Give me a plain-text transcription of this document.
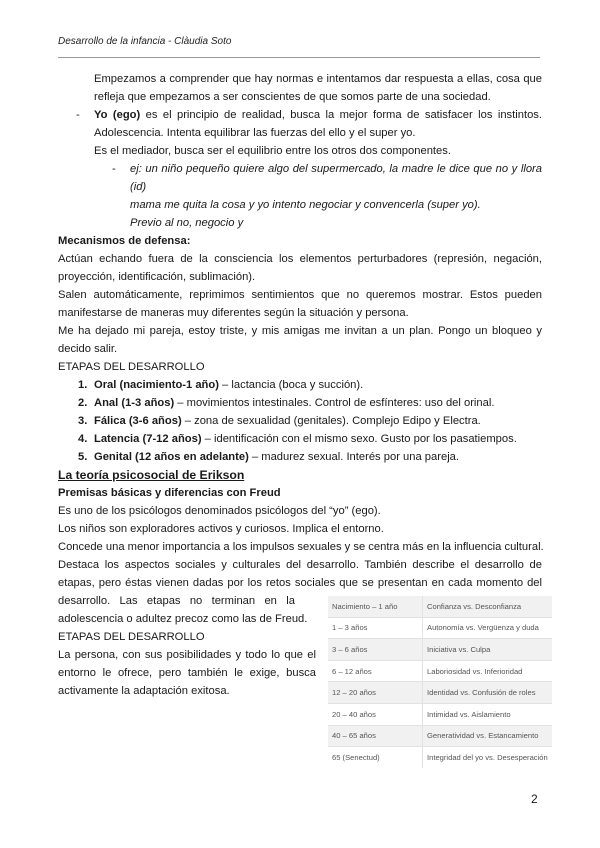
Desarrollo de la infancia - Clàudia Soto
Empezamos a comprender que hay normas e intentamos dar respuesta a ellas, cosa que
refleja que empezamos a ser conscientes de que somos parte de una sociedad.
- Yo (ego) es el principio de realidad, busca la mejor forma de satisfacer los instintos.
Adolescencia. Intenta equilibrar las fuerzas del ello y el super yo.
Es el mediador, busca ser el equilibrio entre los otros dos componentes.
- ej: un niño pequeño quiere algo del supermercado, la madre le dice que no y llora
(id)
mama me quita la cosa y yo intento negociar y convencerla (super yo).
Previo al no, negocio y
Mecanismos de defensa:
Actúan echando fuera de la consciencia los elementos perturbadores (represión, negación,
proyección, identificación, sublimación).
Salen automáticamente, reprimimos sentimientos que no queremos mostrar. Estos pueden
manifestarse de maneras muy diferentes según la situación y persona.
Me ha dejado mi pareja, estoy triste, y mis amigas me invitan a un plan. Pongo un bloqueo y
decido salir.
ETAPAS DEL DESARROLLO
1. Oral (nacimiento-1 año) – lactancia (boca y succión).
2. Anal (1-3 años) – movimientos intestinales. Control de esfínteres: uso del orinal.
3. Fálica (3-6 años) – zona de sexualidad (genitales). Complejo Edipo y Electra.
4. Latencia (7-12 años) – identificación con el mismo sexo. Gusto por los pasatiempos.
5. Genital (12 años en adelante) – madurez sexual. Interés por una pareja.
La teoría psicosocial de Erikson
Premisas básicas y diferencias con Freud
Es uno de los psicólogos denominados psicólogos del “yo” (ego).
Los niños son exploradores activos y curiosos. Implica el entorno.
Concede una menor importancia a los impulsos sexuales y se centra más en la influencia cultural.
Destaca los aspectos sociales y culturales del desarrollo. También describe el desarrollo de
etapas, pero éstas vienen dadas por los retos sociales que se presentan en cada momento del
desarrollo.   Las   etapas   no   terminan   en   la
adolescencia o adultez precoz como las de Freud.
ETAPAS DEL DESARROLLO
La persona, con sus posibilidades y todo lo que el
entorno le ofrece, pero también le exige, busca
activamente la adaptación exitosa.
Nacimiento – 1 año	Confianza vs. Desconfianza
1 – 3 años	Autonomía vs. Vergüenza y duda
3 – 6 años	Iniciativa vs. Culpa
6 – 12 años	Laboriosidad vs. Inferioridad
12 – 20 años	Identidad vs. Confusión de roles
20 – 40 años	Intimidad vs. Aislamiento
40 – 65 años	Generatividad vs. Estancamiento
65 (Senectud)	Integridad del yo vs. Desesperación
2
